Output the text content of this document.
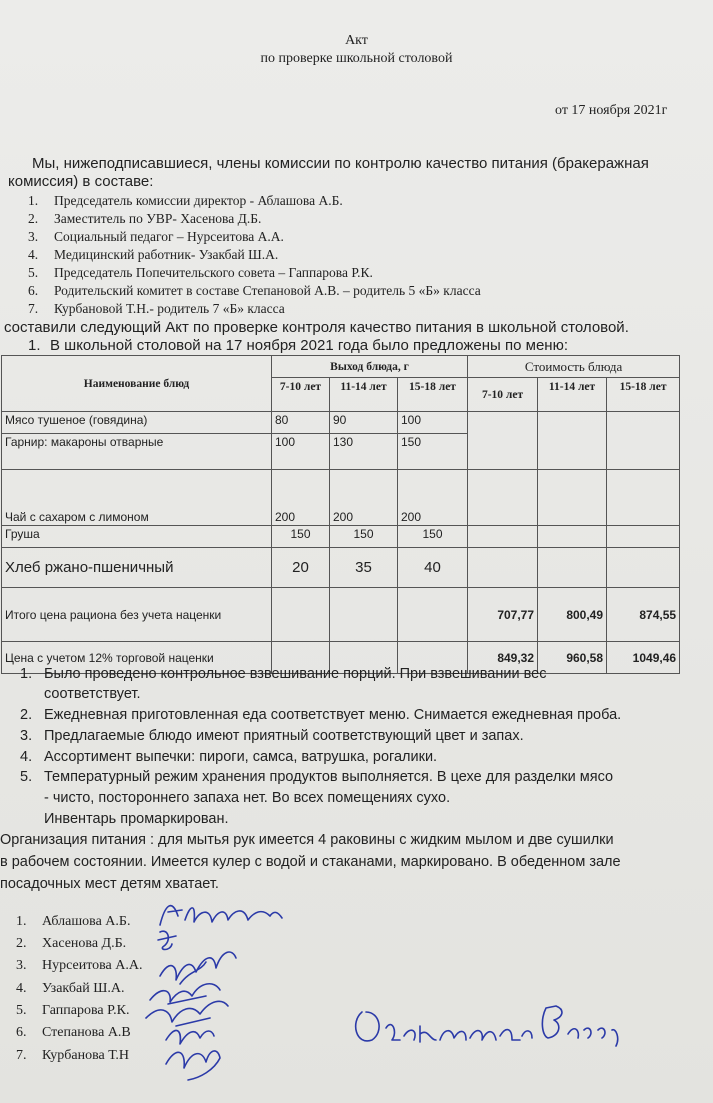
Акт
по проверке школьной столовой
от 17 ноября 2021г
Мы, нижеподписавшиеся, члены комиссии по контролю качество питания (бракеражная
комиссия) в составе:
1. Председатель комиссии директор - Аблашова А.Б.
2. Заместитель по УВР- Хасенова Д.Б.
3. Социальный педагог – Нурсеитова А.А.
4. Медицинский работник- Узакбай Ш.А.
5. Председатель Попечительского совета – Гаппарова Р.К.
6. Родительский комитет в составе Степановой А.В. – родитель 5 «Б» класса
7. Курбановой Т.Н.- родитель 7 «Б» класса
составили следующий Акт по проверке контроля качество питания в школьной столовой.
1. В школьной столовой на 17 ноября 2021 года было предложены по меню:
Наименование блюд	Выход блюда, г			Стоимость блюда		
	7-10 лет	11-14 лет	15-18 лет	7-10 лет	11-14 лет	15-18 лет
Мясо тушеное (говядина)	80	90	100			
Гарнир: макароны отварные	100	130	150			
Чай с сахаром с лимоном	200	200	200			
Груша	150	150	150			
Хлеб ржано-пшеничный	20	35	40			
Итого цена рациона без учета наценки				707,77	800,49	874,55
Цена с учетом 12% торговой наценки				849,32	960,58	1049,46
1. Было проведено контрольное взвешивание порций. При взвешивании вес
соответствует.
2. Ежедневная приготовленная еда соответствует меню. Снимается ежедневная проба.
3. Предлагаемые блюдо имеют приятный соответствующий цвет и запах.
4. Ассортимент выпечки: пироги, самса, ватрушка, рогалики.
5. Температурный режим хранения продуктов выполняется. В цехе для разделки мясо
- чисто, постороннего запаха нет. Во всех помещениях сухо.
Инвентарь промаркирован.
Организация питания : для мытья рук имеется 4 раковины с жидким мылом и две сушилки
в рабочем состоянии. Имеется кулер с водой и стаканами, маркировано. В обеденном зале
посадочных мест детям хватает.
1. Аблашова А.Б.
2. Хасенова Д.Б.
3. Нурсеитова А.А.
4. Узакбай Ш.А.
5. Гаппарова Р.К.
6. Степанова А.В
7. Курбанова Т.Н
